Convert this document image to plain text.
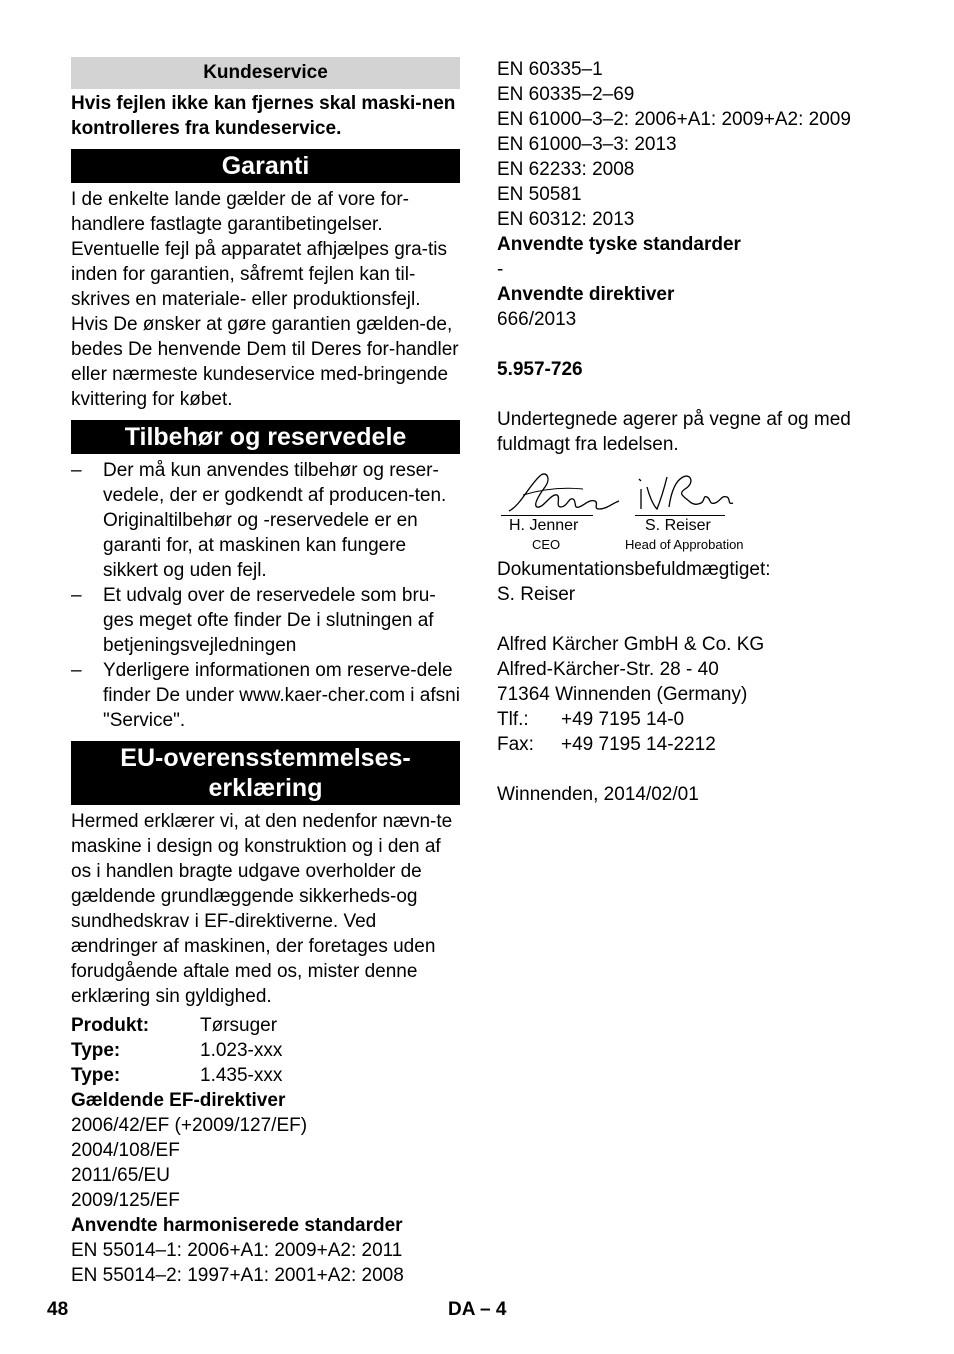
Kundeservice

Hvis fejlen ikke kan fjernes skal maski-nen kontrolleres fra kundeservice.

Garanti

I de enkelte lande gælder de af vore for-handlere fastlagte garantibetingelser. Eventuelle fejl på apparatet afhjælpes gra-tis inden for garantien, såfremt fejlen kan til-skrives en materiale- eller produktionsfejl. Hvis De ønsker at gøre garantien gælden-de, bedes De henvende Dem til Deres for-handler eller nærmeste kundeservice med-bringende kvittering for købet.

Tilbehør og reservedele
– Der må kun anvendes tilbehør og reser-vedele, der er godkendt af producen-ten. Originaltilbehør og -reservedele er en garanti for, at maskinen kan fungere sikkert og uden fejl.
– Et udvalg over de reservedele som bru-ges meget ofte finder De i slutningen af betjeningsvejledningen
– Yderligere informationen om reserve-dele finder De under www.kaer-cher.com i afsni "Service".
EU-overensstemmelses-
erklæring

Hermed erklærer vi, at den nedenfor nævn-te maskine i design og konstruktion og i den af os i handlen bragte udgave overholder de gældende grundlæggende sikkerheds-og sundhedskrav i EF-direktiverne. Ved ændringer af maskinen, der foretages uden forudgående aftale med os, mister denne erklæring sin gyldighed.

Produkt:	Tørsuger
Type:	1.023-xxx
Type:	1.435-xxx

Gældende EF-direktiver

2006/42/EF (+2009/127/EF)

2004/108/EF

2011/65/EU

2009/125/EF

Anvendte harmoniserede standarder

EN 55014–1: 2006+A1: 2009+A2: 2011

EN 55014–2: 1997+A1: 2001+A2: 2008

EN 60335–1

EN 60335–2–69

EN 61000–3–2: 2006+A1: 2009+A2: 2009

EN 61000–3–3: 2013

EN 62233: 2008

EN 50581

EN 60312: 2013

Anvendte tyske standarder

-

Anvendte direktiver

666/2013

5.957-726

Undertegnede agerer på vegne af og med fuldmagt fra ledelsen.

H. Jenner
CEO
S. Reiser
Head of Approbation

Dokumentationsbefuldmægtiget:

S. Reiser

Alfred Kärcher GmbH & Co. KG

Alfred-Kärcher-Str. 28 - 40

71364 Winnenden (Germany)

Tlf.:	+49 7195 14-0
Fax:	+49 7195 14-2212

Winnenden, 2014/02/01

48	DA – 4
